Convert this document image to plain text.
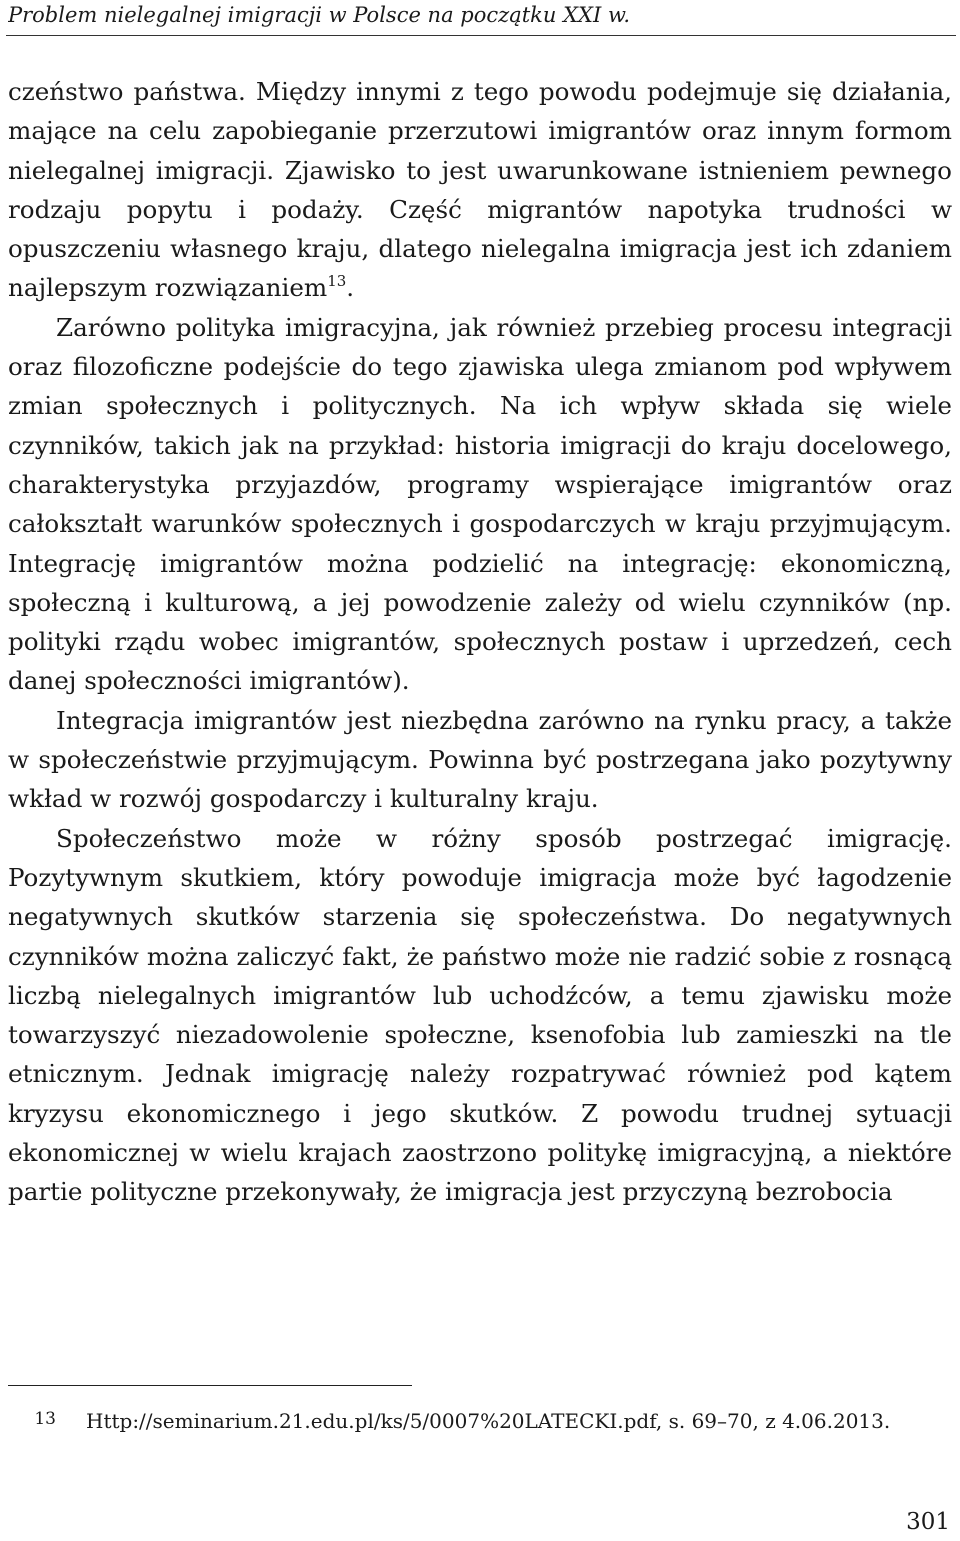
Problem nielegalnej imigracji w Polsce na początku XXI w.

czeństwo państwa. Między innymi z tego powodu podejmuje się działania, mające na celu zapobieganie przerzutowi imigrantów oraz innym formom nielegalnej imigracji. Zjawisko to jest uwarunkowane istnieniem pewnego rodzaju popytu i podaży. Część migrantów napotyka trudności w opuszczeniu własnego kraju, dlatego nielegalna imigracja jest ich zdaniem najlepszym rozwiązaniem$^{13}$.

Zarówno polityka imigracyjna, jak również przebieg procesu integracji oraz filozoficzne podejście do tego zjawiska ulega zmianom pod wpływem zmian społecznych i politycznych. Na ich wpływ składa się wiele czynników, takich jak na przykład: historia imigracji do kraju docelowego, charakterystyka przyjazdów, programy wspierające imigrantów oraz całokształt warunków społecznych i gospodarczych w kraju przyjmującym. Integrację imigrantów można podzielić na integrację: ekonomiczną, społeczną i kulturową, a jej powodzenie zależy od wielu czynników (np. polityki rządu wobec imigrantów, społecznych postaw i uprzedzeń, cech danej społeczności imigrantów).

Integracja imigrantów jest niezbędna zarówno na rynku pracy, a także w społeczeństwie przyjmującym. Powinna być postrzegana jako pozytywny wkład w rozwój gospodarczy i kulturalny kraju.

Społeczeństwo może w różny sposób postrzegać imigrację. Pozytywnym skutkiem, który powoduje imigracja może być łagodzenie negatywnych skutków starzenia się społeczeństwa. Do negatywnych czynników można zaliczyć fakt, że państwo może nie radzić sobie z rosnącą liczbą nielegalnych imigrantów lub uchodźców, a temu zjawisku może towarzyszyć niezadowolenie społeczne, ksenofobia lub zamieszki na tle etnicznym. Jednak imigrację należy rozpatrywać również pod kątem kryzysu ekonomicznego i jego skutków. Z powodu trudnej sytuacji ekonomicznej w wielu krajach zaostrzono politykę imigracyjną, a niektóre partie polityczne przekonywały, że imigracja jest przyczyną bezrobocia

13 Http://seminarium.21.edu.pl/ks/5/0007%20LATECKI.pdf, s. 69–70, z 4.06.2013.
301
